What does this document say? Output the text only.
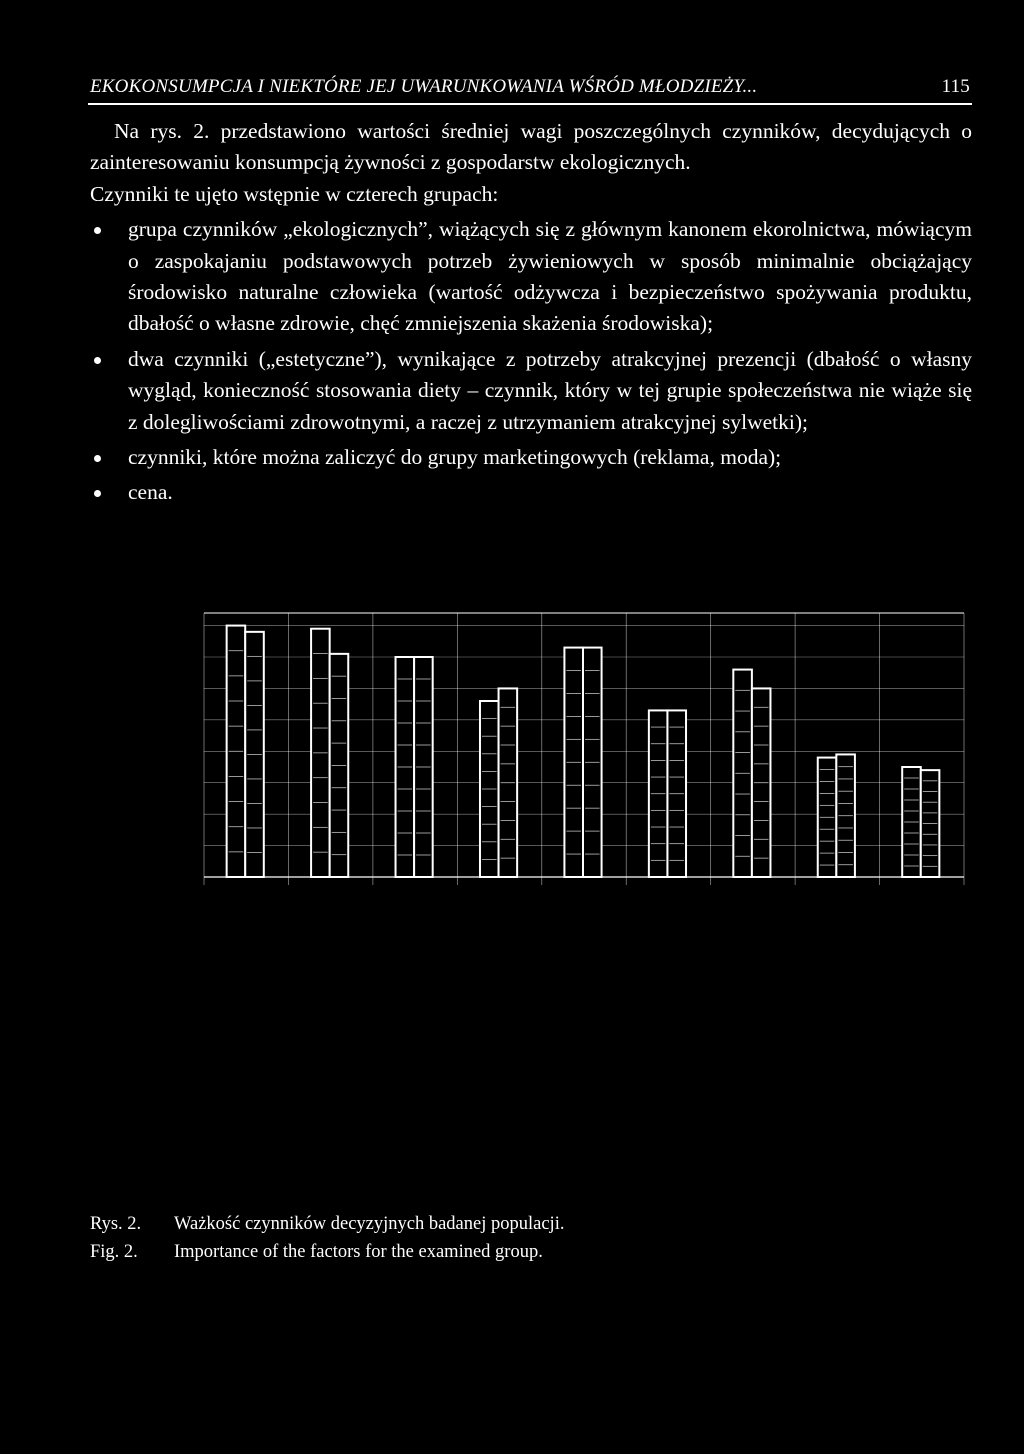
EKOKONSUMPCJA I NIEKTÓRE JEJ UWARUNKOWANIA WŚRÓD MŁODZIEŻY...	115

Na rys. 2. przedstawiono wartości średniej wagi poszczególnych czynników, decydujących o zainteresowaniu konsumpcją żywności z gospodarstw ekologicznych.

Czynniki te ujęto wstępnie w czterech grupach:

grupa czynników „ekologicznych”, wiążących się z głównym kanonem ekorolnictwa, mówiącym o zaspokajaniu podstawowych potrzeb żywieniowych w sposób minimalnie obciążający środowisko naturalne człowieka (wartość odżywcza i bezpieczeństwo spożywania produktu, dbałość o własne zdrowie, chęć zmniejszenia skażenia środowiska);
dwa czynniki („estetyczne”), wynikające z potrzeby atrakcyjnej prezencji (dbałość o własny wygląd, konieczność stosowania diety – czynnik, który w tej grupie społeczeństwa nie wiąże się z dolegliwościami zdrowotnymi, a raczej z utrzymaniem atrakcyjnej sylwetki);
czynniki, które można zaliczyć do grupy marketingowych (reklama, moda);
cena.
Rys. 2. Ważkość czynników decyzyjnych badanej populacji.
Fig. 2. Importance of the factors for the examined group.
